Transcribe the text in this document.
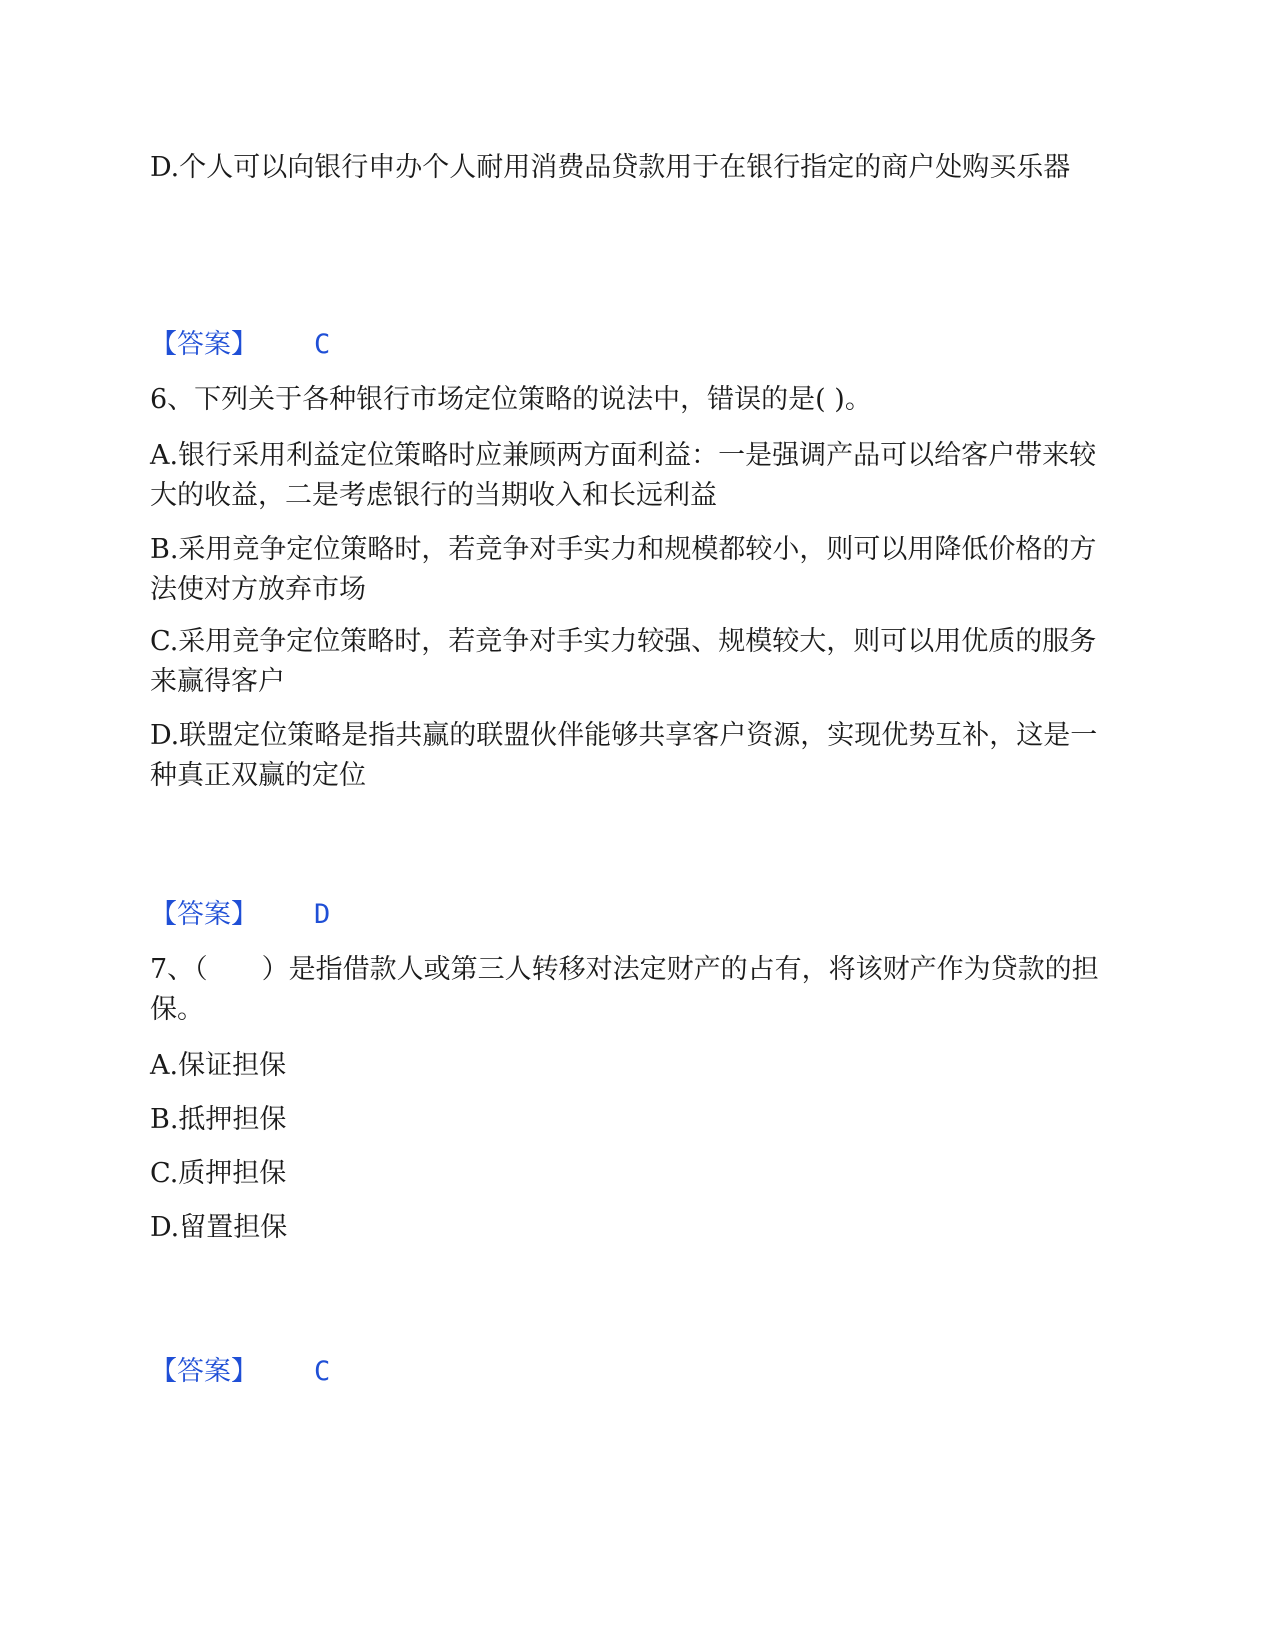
D.个人可以向银行申办个人耐用消费品贷款用于在银行指定的商户处购买乐器
【答案】 C
6、下列关于各种银行市场定位策略的说法中，错误的是( )。
A.银行采用利益定位策略时应兼顾两方面利益：一是强调产品可以给客户带来较大的收益，二是考虑银行的当期收入和长远利益
B.采用竞争定位策略时，若竞争对手实力和规模都较小，则可以用降低价格的方法使对方放弃市场
C.采用竞争定位策略时，若竞争对手实力较强、规模较大，则可以用优质的服务来赢得客户
D.联盟定位策略是指共赢的联盟伙伴能够共享客户资源，实现优势互补，这是一种真正双赢的定位
【答案】 D
7、（　　）是指借款人或第三人转移对法定财产的占有，将该财产作为贷款的担保。
A.保证担保
B.抵押担保
C.质押担保
D.留置担保
【答案】 C
